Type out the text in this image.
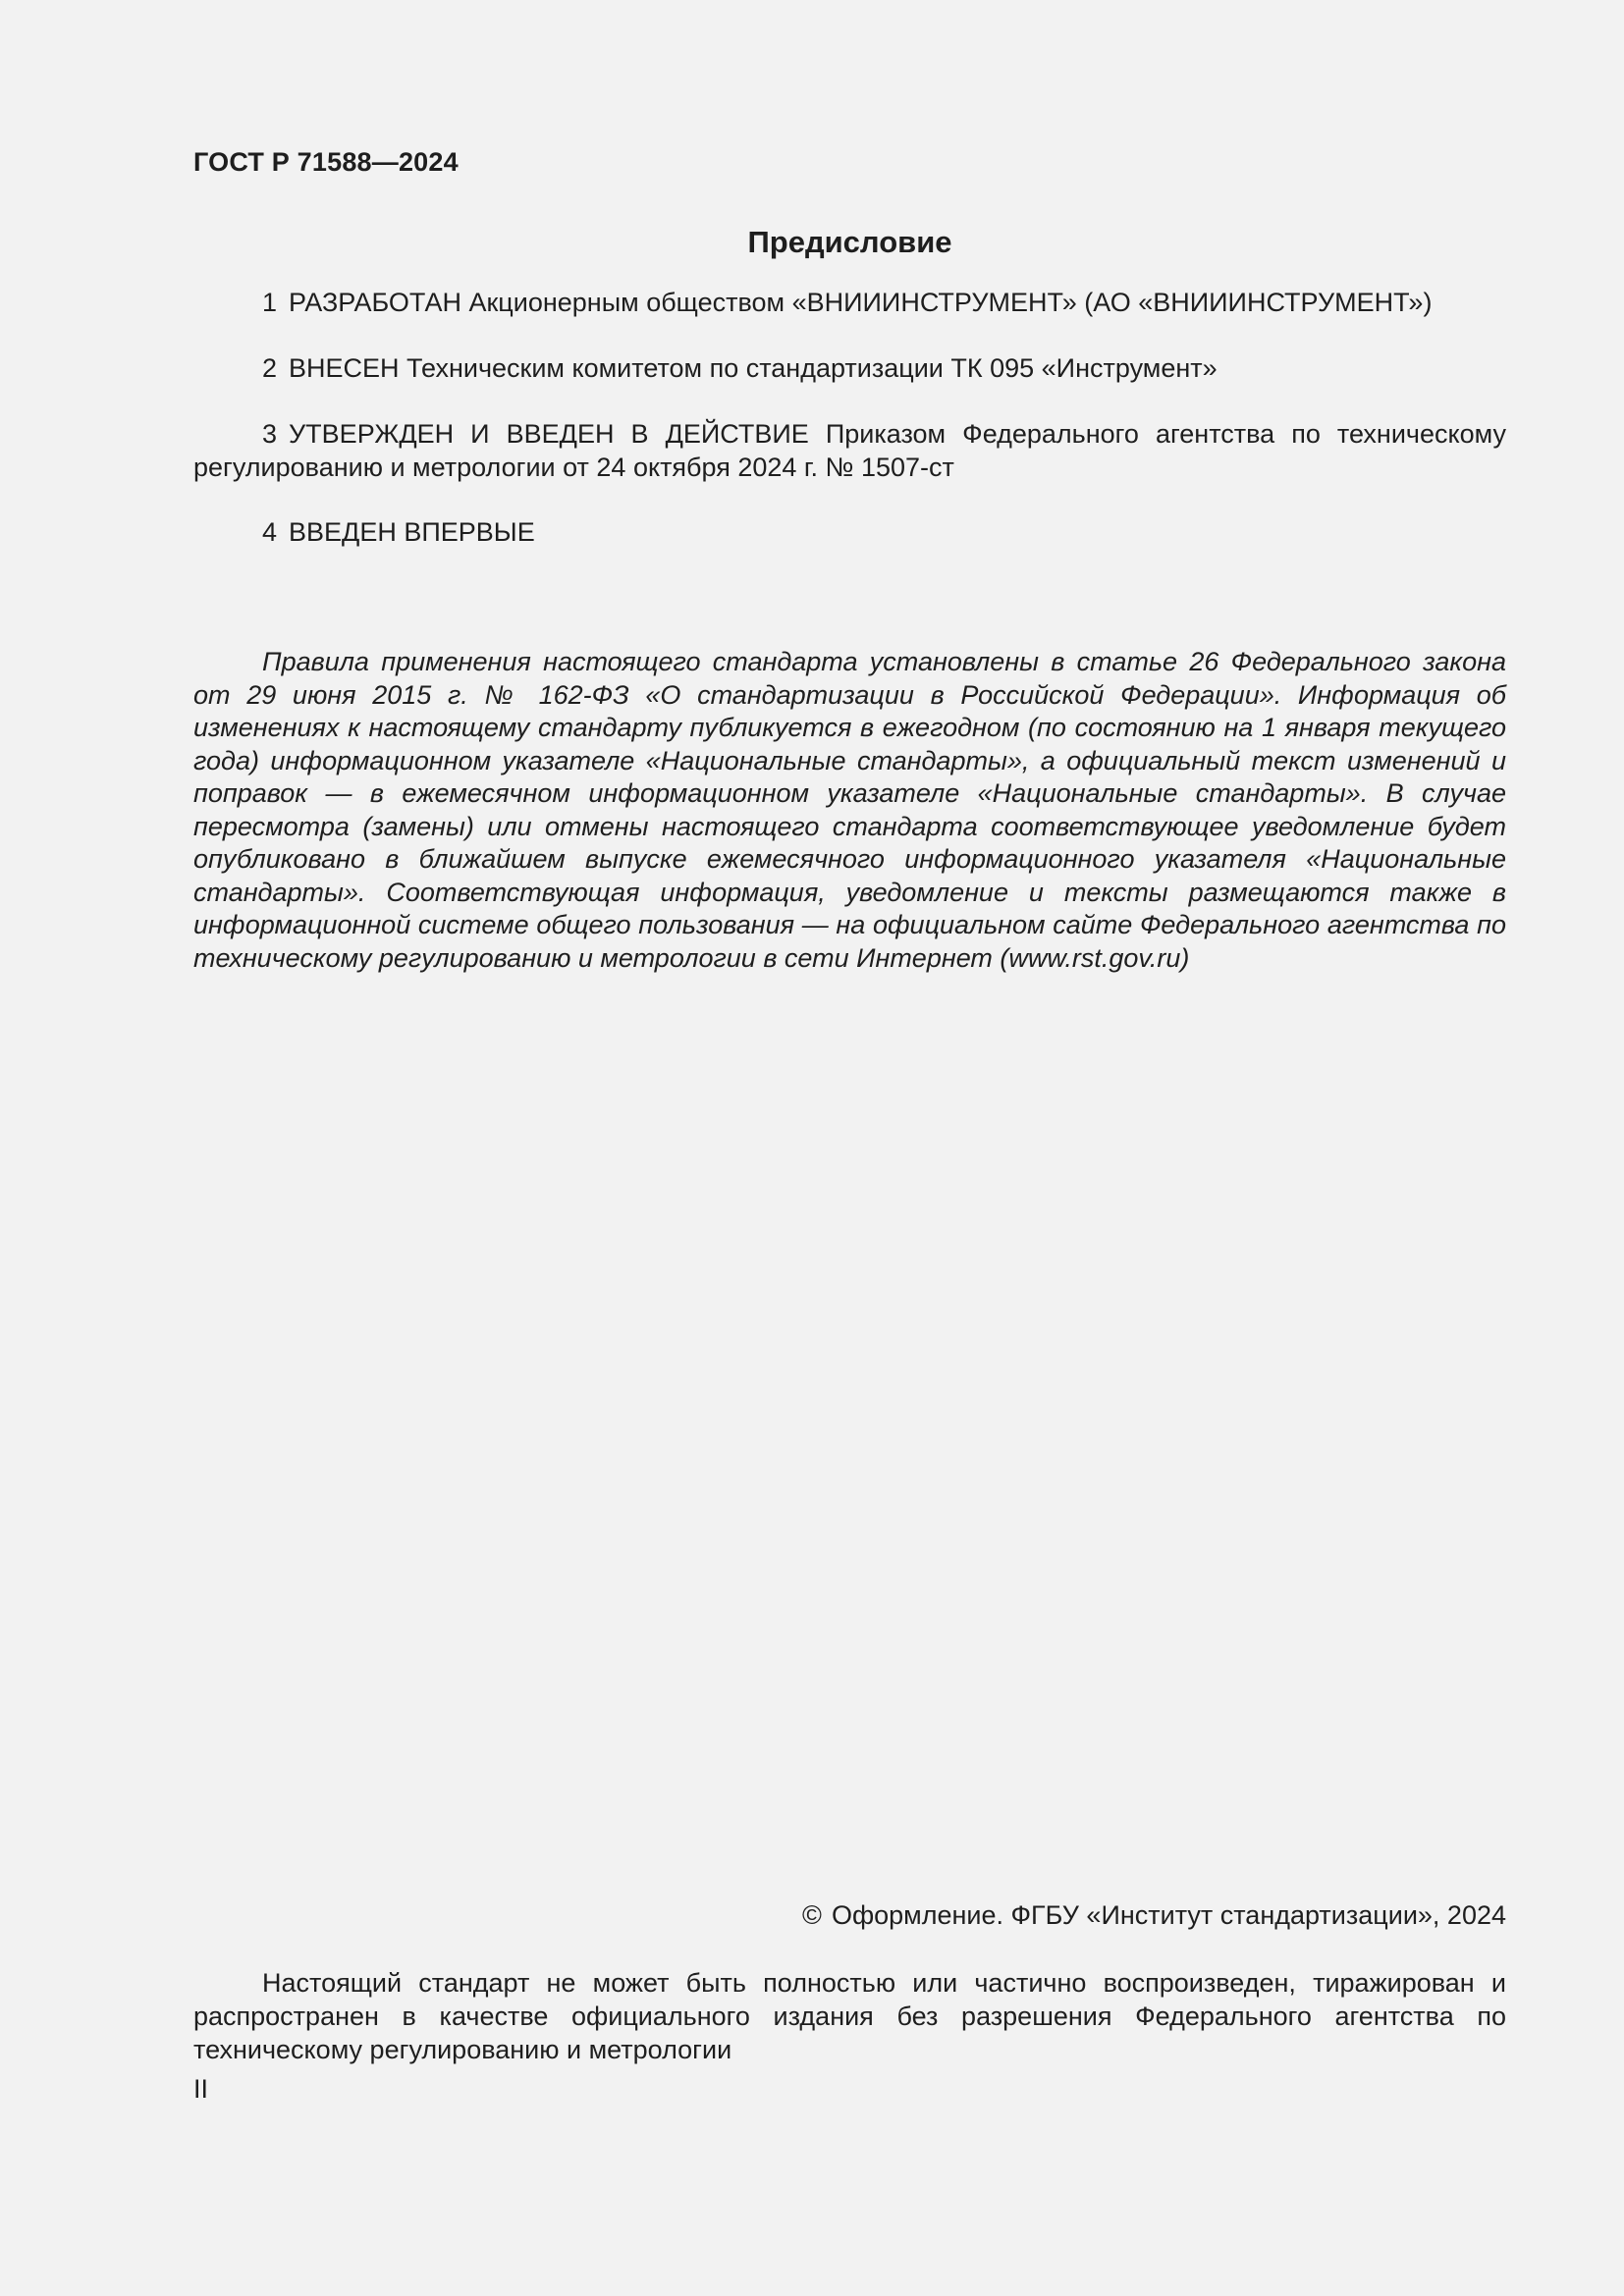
ГОСТ Р 71588—2024
Предисловие
1 РАЗРАБОТАН Акционерным обществом «ВНИИИНСТРУМЕНТ» (АО «ВНИИИНСТРУМЕНТ»)
2 ВНЕСЕН Техническим комитетом по стандартизации ТК 095 «Инструмент»
3 УТВЕРЖДЕН И ВВЕДЕН В ДЕЙСТВИЕ Приказом Федерального агентства по техническому регулированию и метрологии от 24 октября 2024 г. № 1507-ст
4 ВВЕДЕН ВПЕРВЫЕ
Правила применения настоящего стандарта установлены в статье 26 Федерального закона от 29 июня 2015 г. № 162-ФЗ «О стандартизации в Российской Федерации». Информация об изменениях к настоящему стандарту публикуется в ежегодном (по состоянию на 1 января текущего года) информационном указателе «Национальные стандарты», а официальный текст изменений и поправок — в ежемесячном информационном указателе «Национальные стандарты». В случае пересмотра (замены) или отмены настоящего стандарта соответствующее уведомление будет опубликовано в ближайшем выпуске ежемесячного информационного указателя «Национальные стандарты». Соответствующая информация, уведомление и тексты размещаются также в информационной системе общего пользования — на официальном сайте Федерального агентства по техническому регулированию и метрологии в сети Интернет (www.rst.gov.ru)
© Оформление. ФГБУ «Институт стандартизации», 2024
Настоящий стандарт не может быть полностью или частично воспроизведен, тиражирован и распространен в качестве официального издания без разрешения Федерального агентства по техническому регулированию и метрологии
II
